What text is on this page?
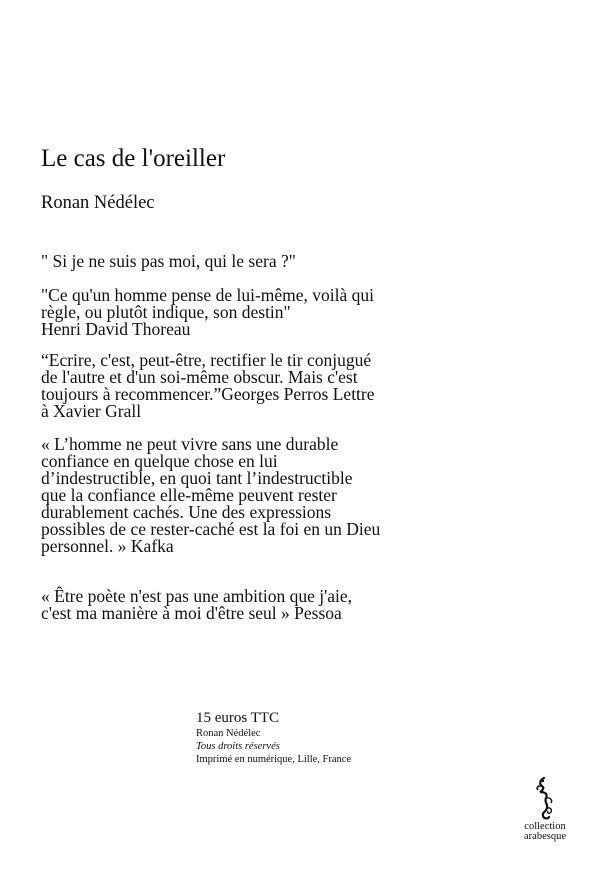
Le cas de l'oreiller
Ronan Nédélec

" Si je ne suis pas moi, qui le sera ?"

"Ce qu'un homme pense de lui-même, voilà qui
règle, ou plutôt indique, son destin"
Henri David Thoreau

“Ecrire, c'est, peut-être, rectifier le tir conjugué
de l'autre et d'un soi-même obscur. Mais c'est
toujours à recommencer.”Georges Perros Lettre
à Xavier Grall

« L’homme ne peut vivre sans une durable
confiance en quelque chose en lui
d’indestructible, en quoi tant l’indestructible
que la confiance elle-même peuvent rester
durablement cachés. Une des expressions
possibles de ce rester-caché est la foi en un Dieu
personnel. » Kafka

« Être poète n'est pas une ambition que j'aie,
c'est ma manière à moi d'être seul » Pessoa

15 euros TTC
Ronan Nédélec
Tous droits réservés
Imprimé en numérique, Lille, France
collection
arabesque
